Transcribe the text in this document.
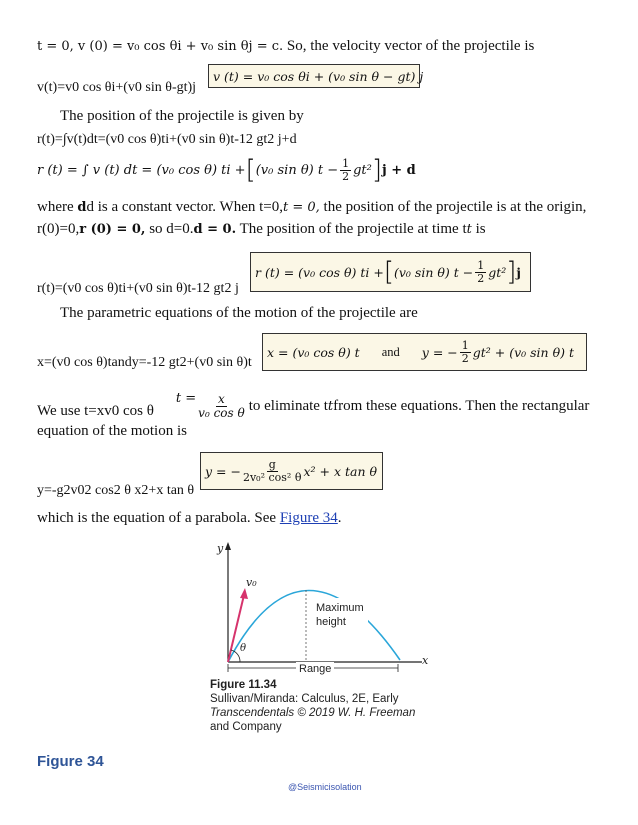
t = 0, v (0) = v₀ cos θi + v₀ sin θj = c. So, the velocity vector of the projectile is
v(t)=v0 cos θi+(v0 sin θ-gt)j
v (t) = v₀ cos θi + (v₀ sin θ − gt) j
The position of the projectile is given by
r(t)=∫v(t)dt=(v0 cos θ)ti+(v0 sin θ)t-12 gt2 j+d
r (t) = ∫ v (t) dt = (v₀ cos θ) ti + [ (v₀ sin θ) $t - \frac{1}{2} gt^2$ ] j + d
where dd is a constant vector. When t=0,t = 0, the position of the projectile is at the origin,
r(0)=0,r (0) = 0, so d=0.d = 0. The position of the projectile at time tt is
r(t)=(v0 cos θ)ti+(v0 sin θ)t-12 gt2 j
r (t) = (v₀ cos θ) ti + [ (v₀ sin θ) $t - \frac{1}{2} gt^2$ ] j
The parametric equations of the motion of the projectile are
x=(v0 cos θ)tandy=-12 gt2+(v0 sin θ)t
x = (v₀ cos θ) t and y = − $\frac{1}{2} gt^2 + (v_0$ sin θ) t
We use t=xv0 cos θ
$t = \frac{x}{\text{v₀ cos θ}}$ to eliminate t t from these equations. Then the rectangular
equation of the motion is
y=-g2v02 cos2 θ x2+x tan θ
y = − $\frac{g}{\text{2v₀² cos² θ}} x^2 + x$ tan θ
which is the equation of a parabola. See Figure 34.
y
x
Maximum
height
v₀
θ
Range
Figure 11.34
Sullivan/Miranda: Calculus, 2E, Early
Transcendentals © 2019 W. H. Freeman
and Company
Figure 34
@Seismicisolation
